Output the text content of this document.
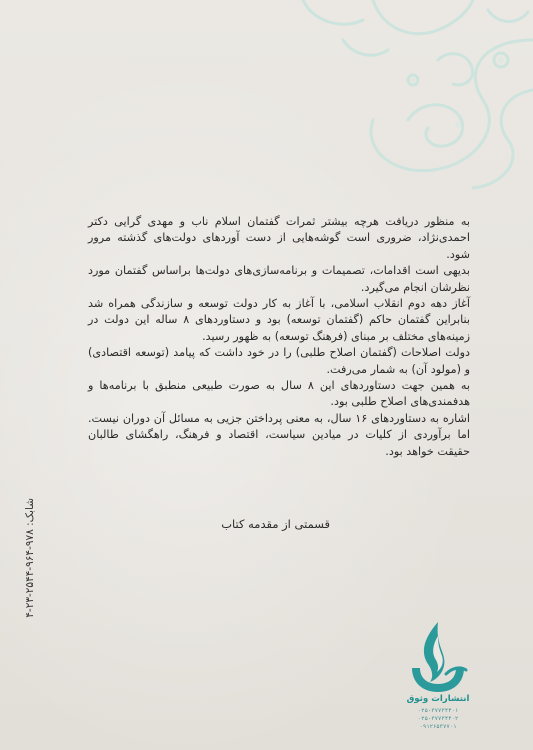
به منظور دریافت هرچه بیشتر ثمرات گفتمان اسلام ناب و مهدی گرایی دکتر احمدی‌نژاد، ضروری است گوشه‌هایی از دست آوردهای دولت‌های گذشته مرور شود.

بدیهی است اقدامات، تصمیمات و برنامه‌سازی‌های دولت‌ها براساس گفتمان مورد نظرشان انجام می‌گیرد.

آغاز دهه دوم انقلاب اسلامی، با آغاز به کار دولت توسعه و سازندگی همراه شد بنابراین گفتمان حاکم (گفتمان توسعه) بود و دستاوردهای ۸ ساله این دولت در زمینه‌های مختلف بر مبنای (فرهنگ توسعه) به ظهور رسید.

دولت اصلاحات (گفتمان اصلاح طلبی) را در خود داشت که پیامد (توسعه اقتصادی) و (مولود آن) به شمار می‌رفت.

به همین جهت دستاوردهای این ۸ سال به صورت طبیعی منطبق با برنامه‌ها و هدفمندی‌های اصلاح طلبی بود.

اشاره به دستاوردهای ۱۶ سال، به معنی پرداختن جزیی به مسائل آن دوران نیست. اما برآوردی از کلیات در میادین سیاست، اقتصاد و فرهنگ، راهگشای طالبان حقیقت خواهد بود.

قسمتی از مقدمه کتاب
شابک: ۹۷۸-۹۶۴-۲۵۴۴-۲۳-۴
انتشارات وثوق
۰۲۵-۳۷۷۳۴۴۰۱
۰۲۵-۳۷۷۳۴۴۰۲
۰۹۱۲۶۵۳۷۷۰۱
